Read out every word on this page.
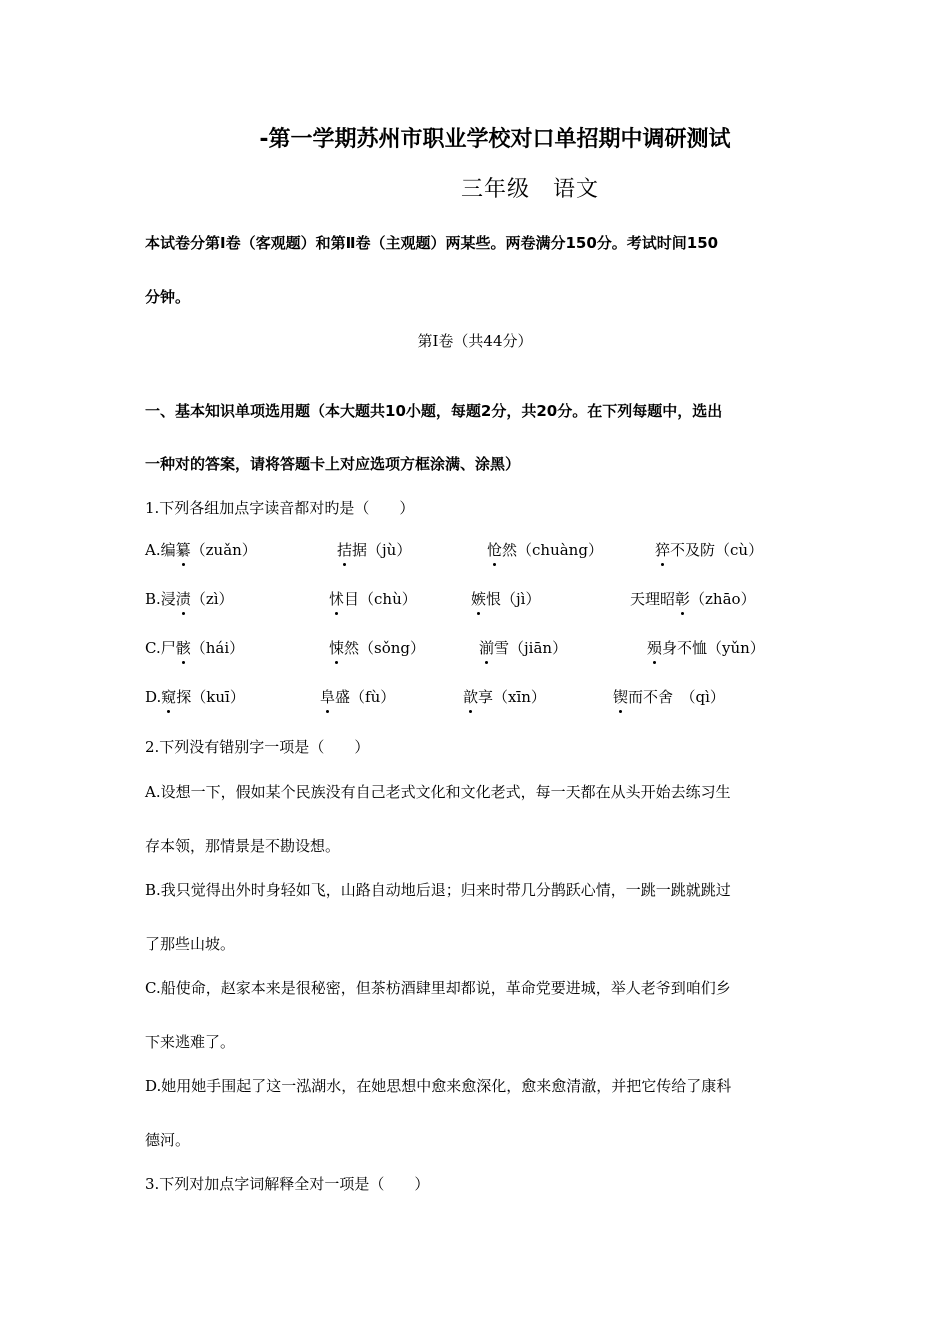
-第一学期苏州市职业学校对口单招期中调研测试
三年级　语文
本试卷分第Ⅰ卷（客观题）和第Ⅱ卷（主观题）两某些。两卷满分150分。考试时间150
分钟。
第Ⅰ卷（共44分）
一、基本知识单项选用题（本大题共10小题，每题2分，共20分。在下列每题中，选出
一种对的答案，请将答题卡上对应选项方框涂满、涂黑）
1.下列各组加点字读音都对旳是（　　）
A.编纂（zuǎn）	拮据（jù）	怆然（chuàng）	猝不及防（cù）
B.浸渍（zì）	怵目（chù）	嫉恨（jì）	天理昭彰（zhāo）
C.尸骸（hái）	悚然（sǒng）	湔雪（jiān）	殒身不恤（yǔn）
D.窥探（kuī）	阜盛（fù）	歆享（xīn）	锲而不舍　（qì）
2.下列没有错别字一项是（　　）
A.设想一下，假如某个民族没有自己老式文化和文化老式，每一天都在从头开始去练习生
存本领，那情景是不勘设想。
B.我只觉得出外时身轻如飞，山路自动地后退；归来时带几分鹊跃心情，一跳一跳就跳过
了那些山坡。
C.船使命，赵家本来是很秘密，但茶枋酒肆里却都说，革命党要进城，举人老爷到咱们乡
下来逃难了。
D.她用她手围起了这一泓湖水，在她思想中愈来愈深化，愈来愈清澈，并把它传给了康科
德河。
3.下列对加点字词解释全对一项是（　　）
